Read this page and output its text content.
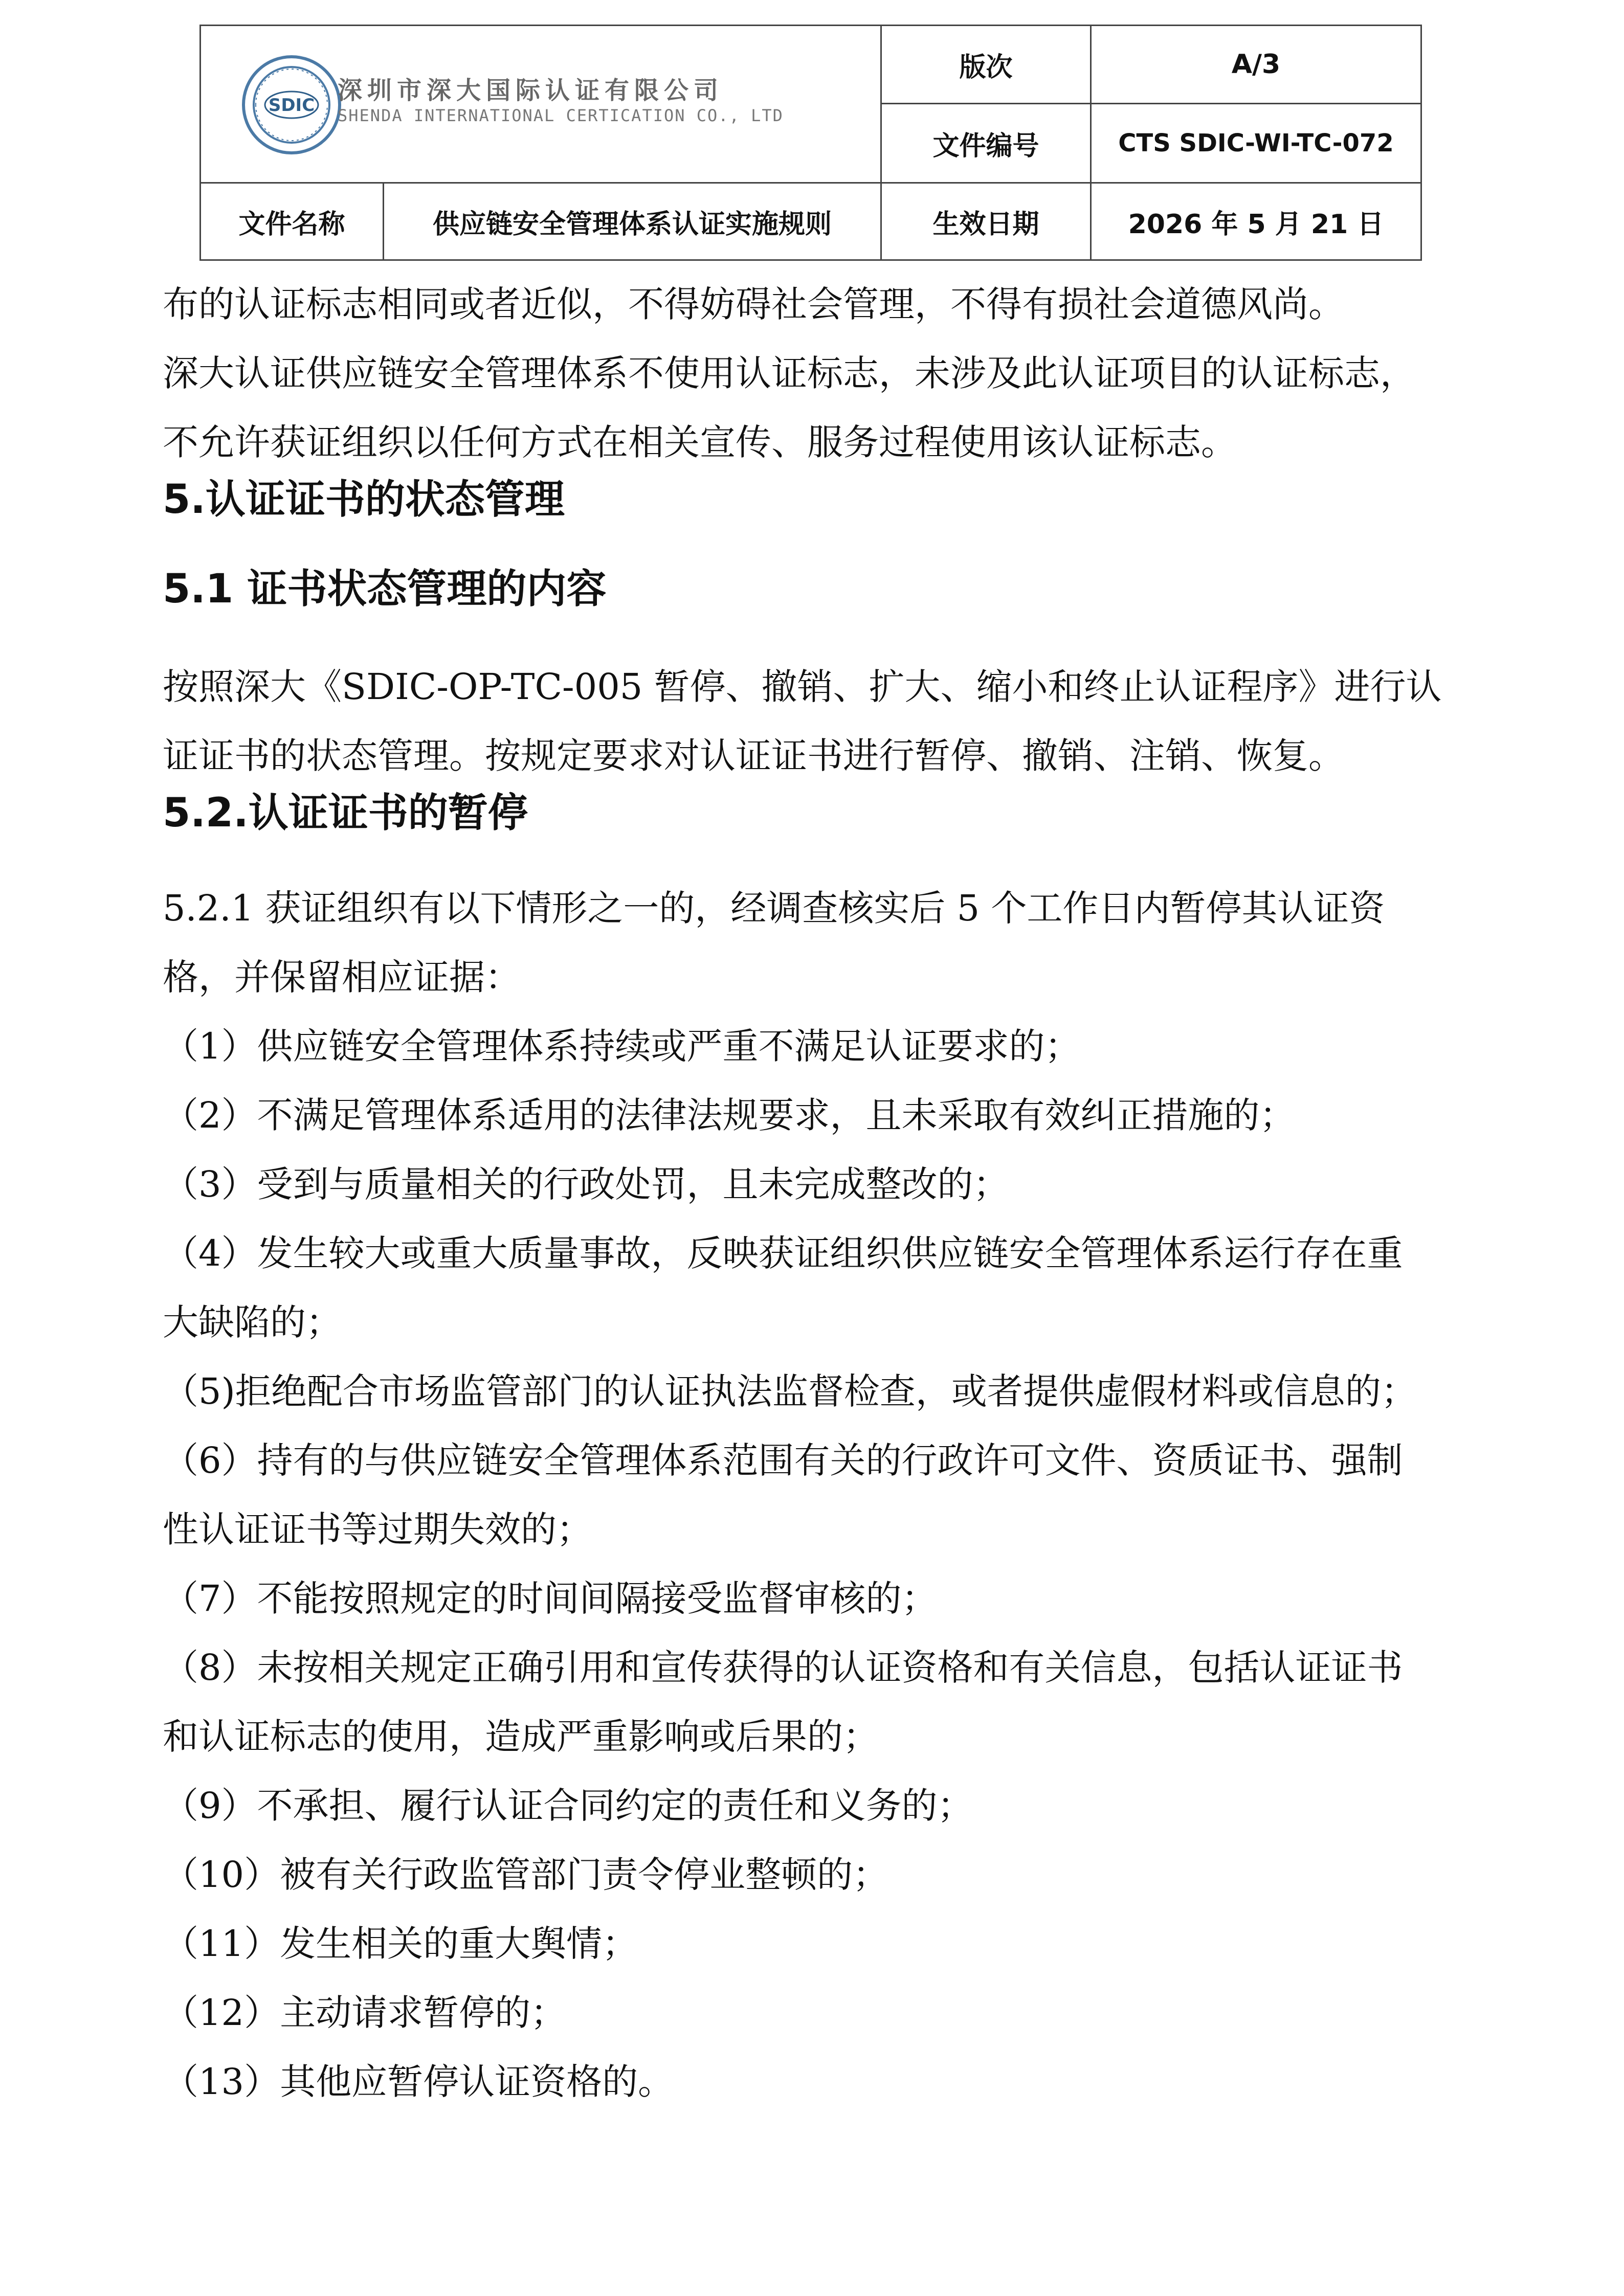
版次	A/3
文件编号	CTS SDIC-WI-TC-072
文件名称	供应链安全管理体系认证实施规则	生效日期	2026 年 5 月 21 日
SDIC
深圳市深大国际认证有限公司
SHENDA INTERNATIONAL CERTICATION CO., LTD
布的认证标志相同或者近似，不得妨碍社会管理，不得有损社会道德风尚。
深大认证供应链安全管理体系不使用认证标志，未涉及此认证项目的认证标志，
不允许获证组织以任何方式在相关宣传、服务过程使用该认证标志。
5.认证证书的状态管理
5.1 证书状态管理的内容
按照深大《SDIC-OP-TC-005 暂停、撤销、扩大、缩小和终止认证程序》进行认
证证书的状态管理。按规定要求对认证证书进行暂停、撤销、注销、恢复。
5.2.认证证书的暂停
5.2.1 获证组织有以下情形之一的，经调查核实后 5 个工作日内暂停其认证资
格，并保留相应证据：
（1）供应链安全管理体系持续或严重不满足认证要求的；
（2）不满足管理体系适用的法律法规要求，且未采取有效纠正措施的；
（3）受到与质量相关的行政处罚，且未完成整改的；
（4）发生较大或重大质量事故，反映获证组织供应链安全管理体系运行存在重
大缺陷的；
（5)拒绝配合市场监管部门的认证执法监督检查，或者提供虚假材料或信息的；
（6）持有的与供应链安全管理体系范围有关的行政许可文件、资质证书、强制
性认证证书等过期失效的；
（7）不能按照规定的时间间隔接受监督审核的；
（8）未按相关规定正确引用和宣传获得的认证资格和有关信息，包括认证证书
和认证标志的使用，造成严重影响或后果的；
（9）不承担、履行认证合同约定的责任和义务的；
（10）被有关行政监管部门责令停业整顿的；
（11）发生相关的重大舆情；
（12）主动请求暂停的；
（13）其他应暂停认证资格的。
